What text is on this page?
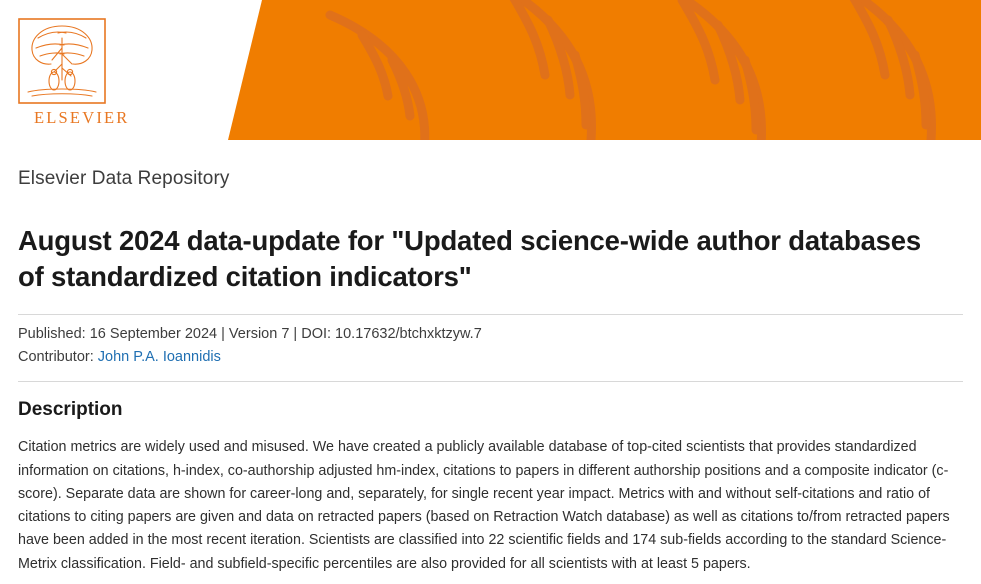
ELSEVIER
Elsevier Data Repository
August 2024 data-update for "Updated science-wide author databases of standardized citation indicators"
Published: 16 September 2024 | Version 7 | DOI: 10.17632/btchxktzyw.7
Contributor: John P.A. Ioannidis
Description

Citation metrics are widely used and misused. We have created a publicly available database of top-cited scientists that provides standardized information on citations, h-index, co-authorship adjusted hm-index, citations to papers in different authorship positions and a composite indicator (c-score). Separate data are shown for career-long and, separately, for single recent year impact. Metrics with and without self-citations and ratio of citations to citing papers are given and data on retracted papers (based on Retraction Watch database) as well as citations to/from retracted papers have been added in the most recent iteration. Scientists are classified into 22 scientific fields and 174 sub-fields according to the standard Science-Metrix classification. Field- and subfield-specific percentiles are also provided for all scientists with at least 5 papers.
